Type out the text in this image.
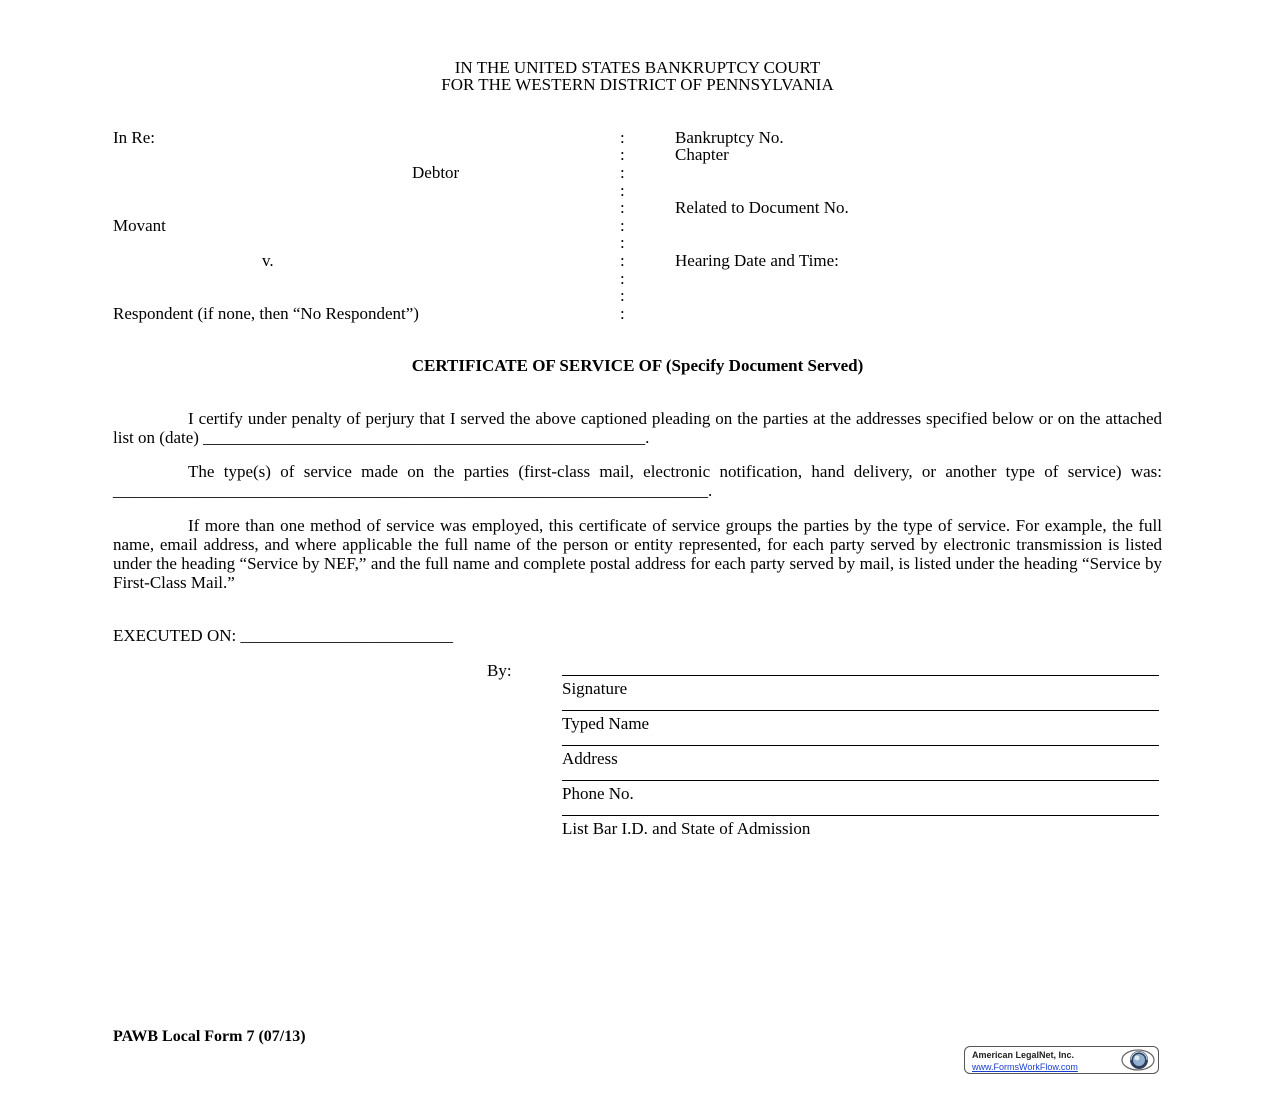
IN THE UNITED STATES BANKRUPTCY COURT
FOR THE WESTERN DISTRICT OF PENNSYLVANIA
In Re:
Debtor
Movant
v.
Respondent (if none, then “No Respondent”)
:
:
:
:
:
:
:
:
:
:
:
Bankruptcy No.
Chapter
Related to Document No.
Hearing Date and Time:
CERTIFICATE OF SERVICE OF (Specify Document Served)
I certify under penalty of perjury that I served the above captioned pleading on the parties at the addresses specified below or on the attached list on (date) ____________________________________________________.
The type(s) of service made on the parties (first-class mail, electronic notification, hand delivery, or another type of service) was: ______________________________________________________________________.
If more than one method of service was employed, this certificate of service groups the parties by the type of service. For example, the full name, email address, and where applicable the full name of the person or entity represented, for each party served by electronic transmission is listed under the heading “Service by NEF,” and the full name and complete postal address for each party served by mail, is listed under the heading “Service by First-Class Mail.”
EXECUTED ON: _________________________
By:
Signature
Typed Name
Address
Phone No.
List Bar I.D. and State of Admission
PAWB Local Form 7 (07/13)
American LegalNet, Inc.
www.FormsWorkFlow.com
